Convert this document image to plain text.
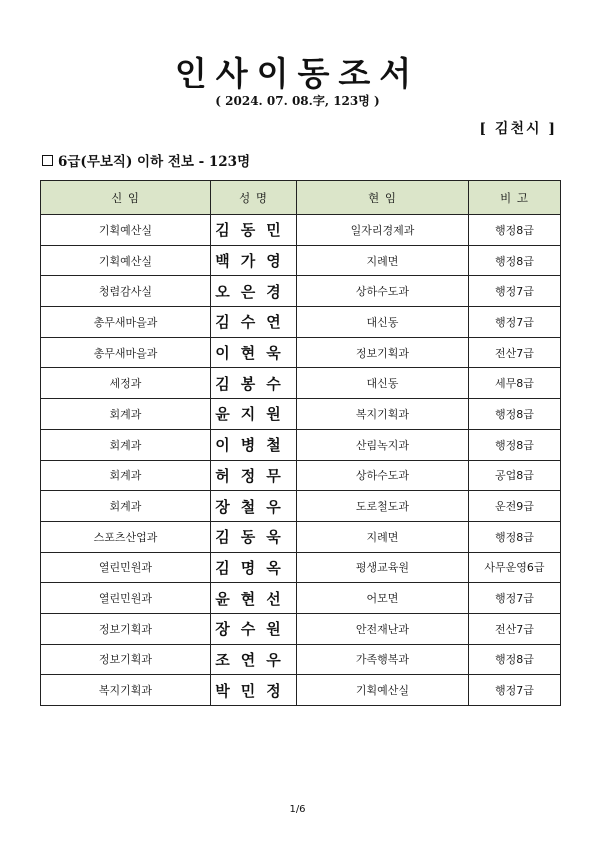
인사이동조서
( 2024. 07. 08.字, 123명 )
[ 김천시 ]
6급(무보직) 이하 전보 - 123명
신 임	성 명	현 임	비 고
기획예산실	김동민	일자리경제과	행정8급
기획예산실	백가영	지례면	행정8급
청렴감사실	오은경	상하수도과	행정7급
총무새마을과	김수연	대신동	행정7급
총무새마을과	이현욱	정보기획과	전산7급
세정과	김봉수	대신동	세무8급
회계과	윤지원	복지기획과	행정8급
회계과	이병철	산림녹지과	행정8급
회계과	허정무	상하수도과	공업8급
회계과	장철우	도로철도과	운전9급
스포츠산업과	김동욱	지례면	행정8급
열린민원과	김명옥	평생교육원	사무운영6급
열린민원과	윤현선	어모면	행정7급
정보기획과	장수원	안전재난과	전산7급
정보기획과	조연우	가족행복과	행정8급
복지기획과	박민정	기획예산실	행정7급
1/6
